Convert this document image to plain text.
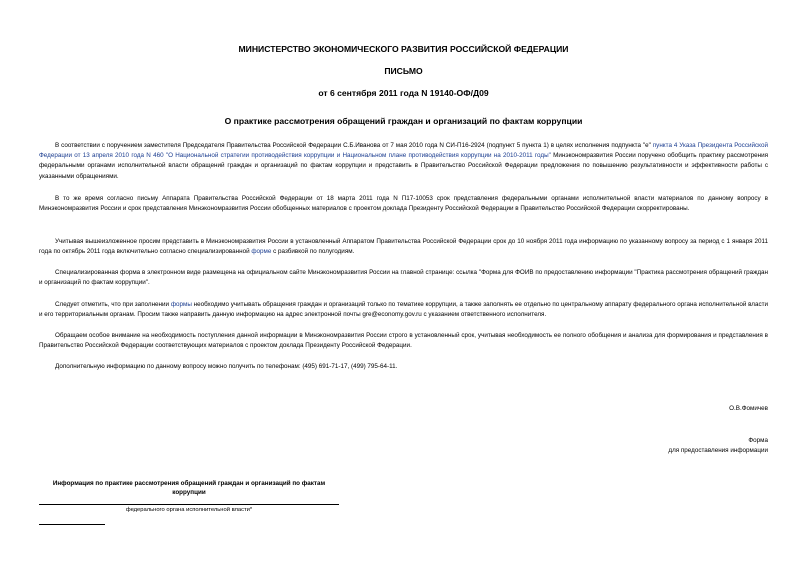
МИНИСТЕРСТВО ЭКОНОМИЧЕСКОГО РАЗВИТИЯ РОССИЙСКОЙ ФЕДЕРАЦИИ
ПИСЬМО
от 6 сентября 2011 года N 19140-ОФ/Д09
О практике рассмотрения обращений граждан и организаций по фактам коррупции
В соответствии с поручением заместителя Председателя Правительства Российской Федерации С.Б.Иванова от 7 мая 2010 года N СИ-П16-2924 (подпункт 5 пункта 1) в целях исполнения подпункта "е" пункта 4 Указа Президента Российской Федерации от 13 апреля 2010 года N 460 "О Национальной стратегии противодействия коррупции и Национальном плане противодействия коррупции на 2010-2011 годы" Минэкономразвития России поручено обобщить практику рассмотрения федеральными органами исполнительной власти обращений граждан и организаций по фактам коррупции и представить в Правительство Российской Федерации предложения по повышению результативности и эффективности работы с указанными обращениями.
В то же время согласно письму Аппарата Правительства Российской Федерации от 18 марта 2011 года N П17-10053 срок представления федеральными органами исполнительной власти материалов по данному вопросу в Минэкономразвития России и срок представления Минэкономразвития России обобщенных материалов с проектом доклада Президенту Российской Федерации в Правительство Российской Федерации скорректированы.
Учитывая вышеизложенное просим представить в Минэкономразвития России в установленный Аппаратом Правительства Российской Федерации срок до 10 ноября 2011 года информацию по указанному вопросу за период с 1 января 2011 года по октябрь 2011 года включительно согласно специализированной форме с разбивкой по полугодиям.
Специализированная форма в электронном виде размещена на официальном сайте Минэкономразвития России на главной странице: ссылка "Форма для ФОИВ по предоставлению информации "Практика рассмотрения обращений граждан и организаций по фактам коррупции".
Следует отметить, что при заполнении формы необходимо учитывать обращения граждан и организаций только по тематике коррупции, а также заполнять ее отдельно по центральному аппарату федерального органа исполнительной власти и его территориальным органам. Просим также направить данную информацию на адрес электронной почты gre@economy.gov.ru с указанием ответственного исполнителя.
Обращаем особое внимание на необходимость поступления данной информации в Минэкономразвития России строго в установленный срок, учитывая необходимость ее полного обобщения и анализа для формирования и представления в Правительство Российской Федерации соответствующих материалов с проектом доклада Президенту Российской Федерации.
Дополнительную информацию по данному вопросу можно получить по телефонам: (495) 691-71-17, (499) 795-64-11.
О.В.Фомичев
Форма
для предоставления информации
Информация по практике рассмотрения обращений граждан и организаций по фактам коррупции
федерального органа исполнительной власти*
